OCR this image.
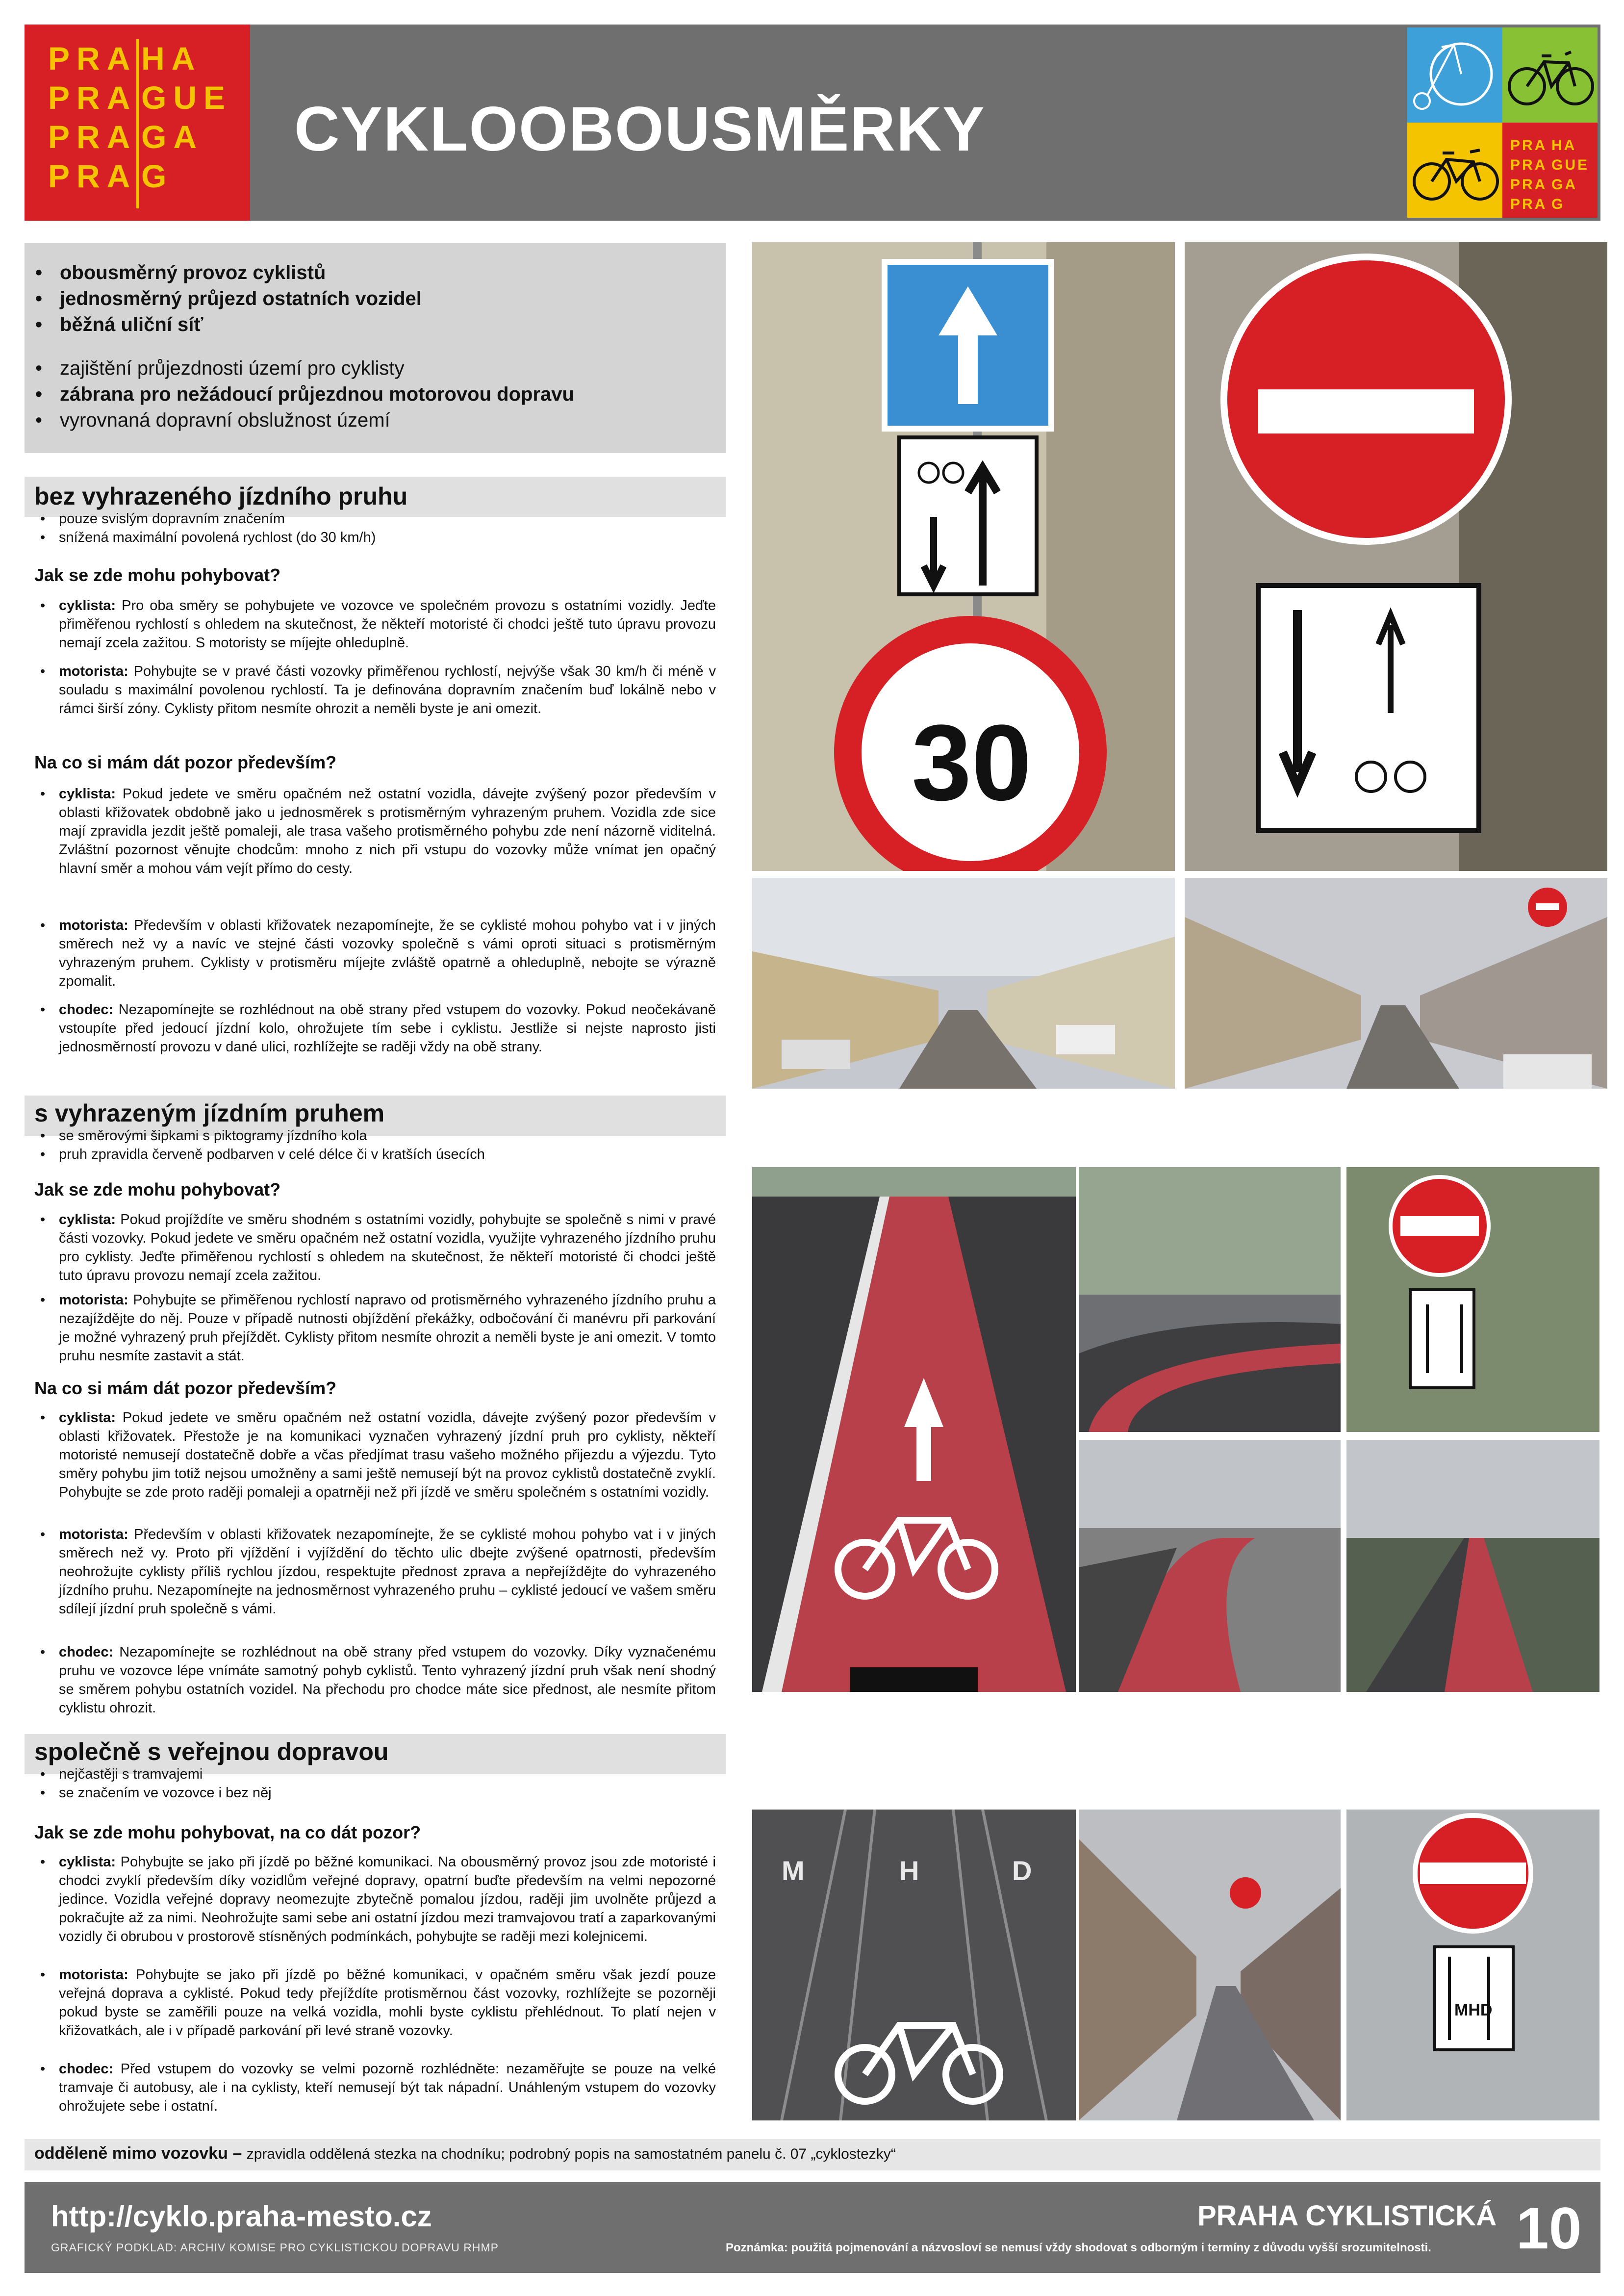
PRA HA
PRA GUE
PRA GA
PRA G
CYKLOOBOUSMĚRKY	PRA HA
PRA GUE
PRA GA
PRA G
• obousměrný provoz cyklistů
• jednosměrný průjezd ostatních vozidel
• běžná uliční síť
• zajištění průjezdnosti území pro cyklisty
• zábrana pro nežádoucí průjezdnou motorovou dopravu
• vyrovnaná dopravní obslužnost území
bez vyhrazeného jízdního pruhu
• pouze svislým dopravním značením
• snížená maximální povolená rychlost (do 30 km/h)
Jak se zde mohu pohybovat?
• cyklista: Pro oba směry se pohybujete ve vozovce ve společném provozu s ostatními vozidly. Jeďte přiměřenou rychlostí s ohledem na skutečnost, že někteří motoristé či chodci ještě tuto úpravu provozu nemají zcela zažitou. S motoristy se míjejte ohleduplně.
• motorista: Pohybujte se v pravé části vozovky přiměřenou rychlostí, nejvýše však 30 km/h či méně v souladu s maximální povolenou rychlostí. Ta je definována dopravním značením buď lokálně nebo v rámci širší zóny. Cyklisty přitom nesmíte ohrozit a neměli byste je ani omezit.
Na co si mám dát pozor především?
• cyklista: Pokud jedete ve směru opačném než ostatní vozidla, dávejte zvýšený pozor především v oblasti křižovatek obdobně jako u jednosměrek s protisměrným vyhrazeným pruhem. Vozidla zde sice mají zpravidla jezdit ještě pomaleji, ale trasa vašeho protisměrného pohybu zde není názorně viditelná. Zvláštní pozornost věnujte chodcům: mnoho z nich při vstupu do vozovky může vnímat jen opačný hlavní směr a mohou vám vejít přímo do cesty.
• motorista: Především v oblasti křižovatek nezapomínejte, že se cyklisté mohou pohybo vat i v jiných směrech než vy a navíc ve stejné části vozovky společně s vámi oproti situaci s protisměrným vyhrazeným pruhem. Cyklisty v protisměru míjejte zvláště opatrně a ohleduplně, nebojte se výrazně zpomalit.
• chodec: Nezapomínejte se rozhlédnout na obě strany před vstupem do vozovky. Pokud neočekávaně vstoupíte před jedoucí jízdní kolo, ohrožujete tím sebe i cyklistu. Jestliže si nejste naprosto jisti jednosměrností provozu v dané ulici, rozhlížejte se raději vždy na obě strany.
s vyhrazeným jízdním pruhem
• se směrovými šipkami s piktogramy jízdního kola
• pruh zpravidla červeně podbarven v celé délce či v kratších úsecích
Jak se zde mohu pohybovat?
• cyklista: Pokud projíždíte ve směru shodném s ostatními vozidly, pohybujte se společně s nimi v pravé části vozovky. Pokud jedete ve směru opačném než ostatní vozidla, využijte vyhrazeného jízdního pruhu pro cyklisty. Jeďte přiměřenou rychlostí s ohledem na skutečnost, že někteří motoristé či chodci ještě tuto úpravu provozu nemají zcela zažitou.
• motorista: Pohybujte se přiměřenou rychlostí napravo od protisměrného vyhrazeného jízdního pruhu a nezajíždějte do něj. Pouze v případě nutnosti objíždění překážky, odbočování či manévru při parkování je možné vyhrazený pruh přejíždět. Cyklisty přitom nesmíte ohrozit a neměli byste je ani omezit. V tomto pruhu nesmíte zastavit a stát.
Na co si mám dát pozor především?
• cyklista: Pokud jedete ve směru opačném než ostatní vozidla, dávejte zvýšený pozor především v oblasti křižovatek. Přestože je na komunikaci vyznačen vyhrazený jízdní pruh pro cyklisty, někteří motoristé nemusejí dostatečně dobře a včas předjímat trasu vašeho možného přijezdu a výjezdu. Tyto směry pohybu jim totiž nejsou umožněny a sami ještě nemusejí být na provoz cyklistů dostatečně zvyklí. Pohybujte se zde proto raději pomaleji a opatrněji než při jízdě ve směru společném s ostatními vozidly.
• motorista: Především v oblasti křižovatek nezapomínejte, že se cyklisté mohou pohybo vat i v jiných směrech než vy. Proto při vjíždění i vyjíždění do těchto ulic dbejte zvýšené opatrnosti, především neohrožujte cyklisty příliš rychlou jízdou, respektujte přednost zprava a nepřejíždějte do vyhrazeného jízdního pruhu. Nezapomínejte na jednosměrnost vyhrazeného pruhu – cyklisté jedoucí ve vašem směru sdílejí jízdní pruh společně s vámi.
• chodec: Nezapomínejte se rozhlédnout na obě strany před vstupem do vozovky. Díky vyznačenému pruhu ve vozovce lépe vnímáte samotný pohyb cyklistů. Tento vyhrazený jízdní pruh však není shodný se směrem pohybu ostatních vozidel. Na přechodu pro chodce máte sice přednost, ale nesmíte přitom cyklistu ohrozit.
společně s veřejnou dopravou
• nejčastěji s tramvajemi
• se značením ve vozovce i bez něj
Jak se zde mohu pohybovat, na co dát pozor?
• cyklista: Pohybujte se jako při jízdě po běžné komunikaci. Na obousměrný provoz jsou zde motoristé i chodci zvyklí především díky vozidlům veřejné dopravy, opatrní buďte především na velmi nepozorné jedince. Vozidla veřejné dopravy neomezujte zbytečně pomalou jízdou, raději jim uvolněte průjezd a pokračujte až za nimi. Neohrožujte sami sebe ani ostatní jízdou mezi tramvajovou tratí a zaparkovanými vozidly či obrubou v prostorově stísněných podmínkách, pohybujte se raději mezi kolejnicemi.
• motorista: Pohybujte se jako při jízdě po běžné komunikaci, v opačném směru však jezdí pouze veřejná doprava a cyklisté. Pokud tedy přejíždíte protisměrnou část vozovky, rozhlížejte se pozorněji pokud byste se zaměřili pouze na velká vozidla, mohli byste cyklistu přehlédnout. To platí nejen v křižovatkách, ale i v případě parkování při levé straně vozovky.
• chodec: Před vstupem do vozovky se velmi pozorně rozhlédněte: nezaměřujte se pouze na velké tramvaje či autobusy, ale i na cyklisty, kteří nemusejí být tak nápadní. Unáhleným vstupem do vozovky ohrožujete sebe i ostatní.
odděleně mimo vozovku – zpravidla oddělená stezka na chodníku; podrobný popis na samostatném panelu č. 07 „cyklostezky“
30
M	H	D
MHD
http://cyklo.praha-mesto.cz
GRAFICKÝ PODKLAD: ARCHIV KOMISE PRO CYKLISTICKOU DOPRAVU RHMP
PRAHA CYKLISTICKÁ
Poznámka: použitá pojmenování a názvosloví se nemusí vždy shodovat s odborným i termíny z důvodu vyšší srozumitelnosti. 10
